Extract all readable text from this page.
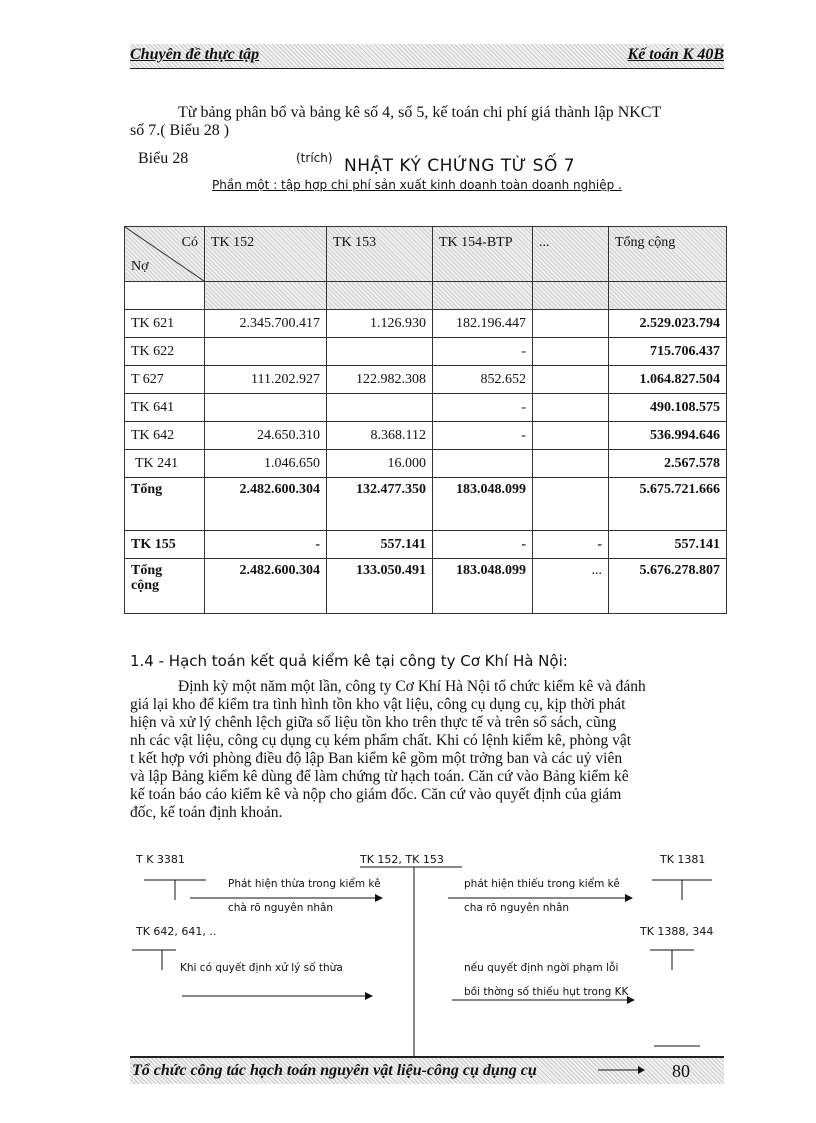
Chuyên đề thực tập	Kế toán K 40B
Từ bảng phân bổ và bảng kê số 4, số 5, kế toán chi phí giá thành lập NKCT
số 7.( Biểu 28 )
Biểu 28	(trích) NHẬT KÝ CHỨNG TỪ SỐ 7
Phần một : tập hợp chi phí sản xuất kinh doanh toàn doanh nghiệp .
Có
Nợ	TK 152	TK 153	TK 154-BTP	...	Tổng cộng

TK 621	2.345.700.417	1.126.930	182.196.447		2.529.023.794
TK 622			-		715.706.437
T 627	111.202.927	122.982.308	852.652		1.064.827.504
TK 641			-		490.108.575
TK 642	24.650.310	8.368.112	-		536.994.646
TK 241	1.046.650	16.000			2.567.578
Tổng	2.482.600.304	132.477.350	183.048.099		5.675.721.666
TK 155	-	557.141	-	-	557.141
Tổng
cộng	2.482.600.304	133.050.491	183.048.099	...	5.676.278.807
1.4 - Hạch toán kết quả kiểm kê tại công ty Cơ Khí Hà Nội:
Định kỳ một năm một lần, công ty Cơ Khí Hà Nội tổ chức kiểm kê và đánh
giá lại kho để kiểm tra tình hình tồn kho vật liệu, công cụ dụng cụ, kịp thời phát
hiện và xử lý chênh lệch giữa số liệu tồn kho trên thực tế và trên sổ sách, cũng
nh các vật liệu, công cụ dụng cụ kém phẩm chất. Khi có lệnh kiểm kê, phòng vật
t kết hợp với phòng điều độ lập Ban kiểm kê gồm một trởng ban và các uỷ viên
và lập Bảng kiểm kê dùng để làm chứng từ hạch toán. Căn cứ vào Bảng kiểm kê
kế toán báo cáo kiểm kê và nộp cho giám đốc. Căn cứ vào quyết định của giám
đốc, kế toán định khoản.
T K 3381	TK 152, TK 153	TK 1381
Phát hiện thừa trong kiểm kê
chà rõ nguyên nhân
phát hiện thiếu trong kiểm kê
cha rõ nguyên nhân
TK 642, 641, ..	TK 1388, 344
Khi có quyết định xử lý số thừa	nếu quyết định ngời phạm lỗi
bồi thờng số thiếu hụt trong KK
Tổ chức công tác hạch toán nguyên vật liệu-công cụ dụng cụ	80
